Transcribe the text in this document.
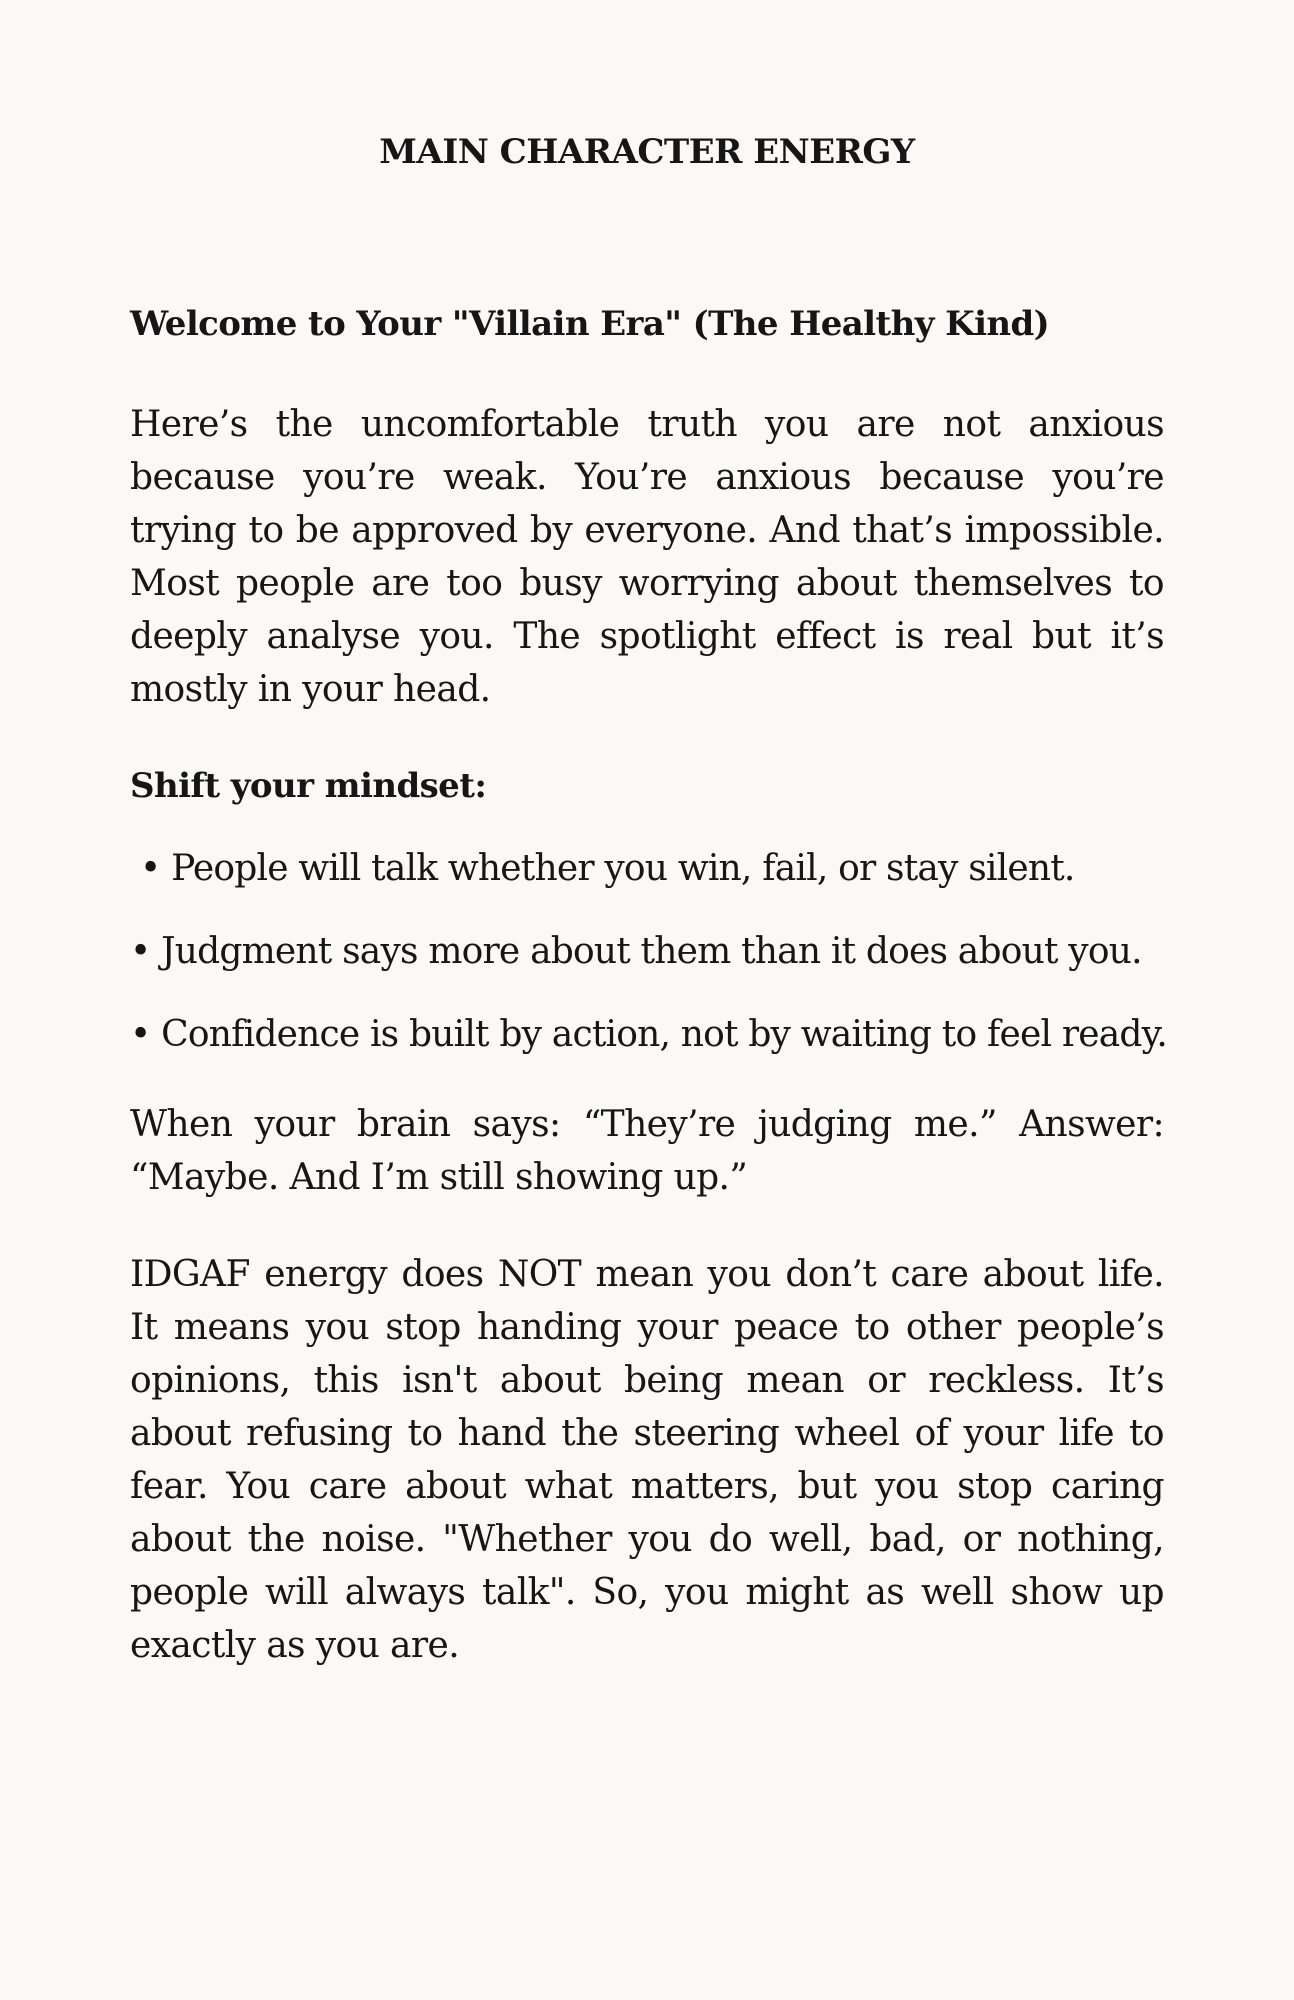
MAIN CHARACTER ENERGY
Welcome to Your "Villain Era" (The Healthy Kind)

Here’s the uncomfortable truth you are not anxious because you’re weak. You’re anxious because you’re trying to be approved by everyone. And that’s impossible. Most people are too busy worrying about themselves to deeply analyse you. The spotlight effect is real but it’s mostly in your head.

Shift your mindset:
• People will talk whether you win, fail, or stay silent.
• Judgment says more about them than it does about you.
• Confidence is built by action, not by waiting to feel ready.

When your brain says: “They’re judging me.” Answer: “Maybe. And I’m still showing up.”

IDGAF energy does NOT mean you don’t care about life. It means you stop handing your peace to other people’s opinions, this isn't about being mean or reckless. It’s about refusing to hand the steering wheel of your life to fear. You care about what matters, but you stop caring about the noise. "Whether you do well, bad, or nothing, people will always talk". So, you might as well show up exactly as you are.
